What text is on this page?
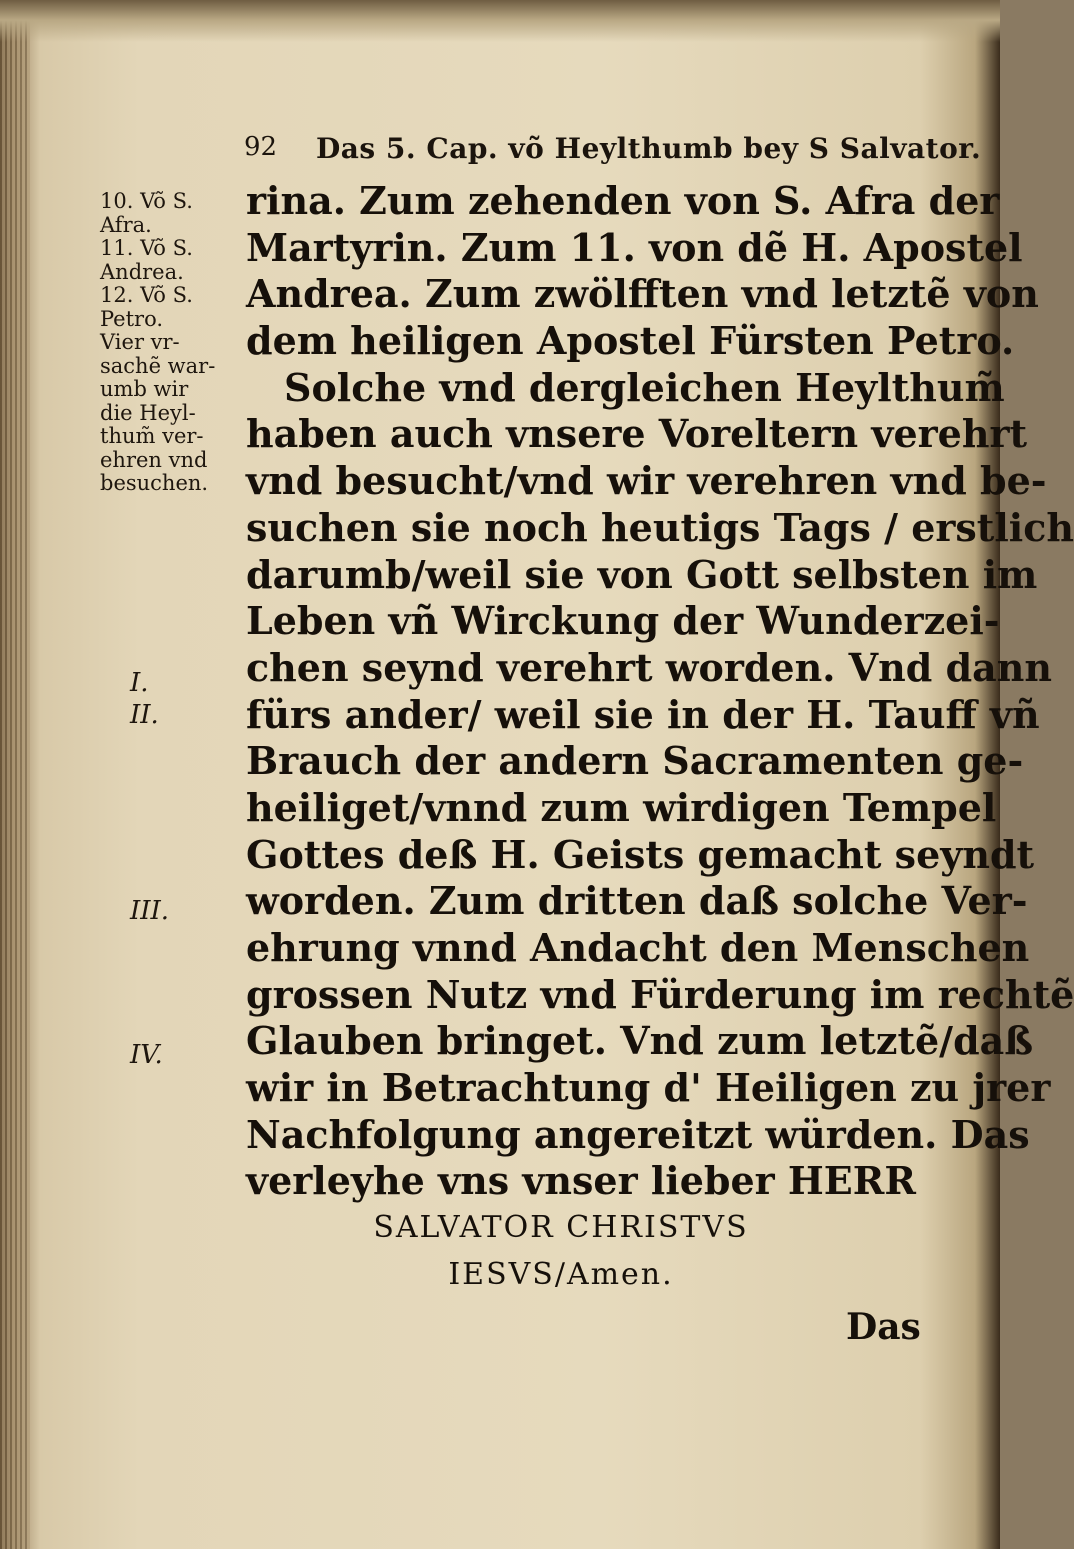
92 Das 5. Cap. võ Heylthumb bey S Salvator.
10. Võ S.
Afra.
11. Võ S.
Andrea.
12. Võ S.
Petro.
Vier vr-
sachẽ war-
umb wir
die Heyl-
thum̃ ver-
ehren vnd
besuchen.
I.
II.
III.
IV.
rina. Zum zehenden von S. Afra der
Martyrin. Zum 11. von dẽ H. Apostel
Andrea. Zum zwölfften vnd letztẽ von
dem heiligen Apostel Fürsten Petro.
Solche vnd dergleichen Heylthum̃
haben auch vnsere Voreltern verehrt
vnd besucht/vnd wir verehren vnd be-
suchen sie noch heutigs Tags / erstlich
darumb/weil sie von Gott selbsten im
Leben vñ Wirckung der Wunderzei-
chen seynd verehrt worden. Vnd dann
fürs ander/ weil sie in der H. Tauff vñ
Brauch der andern Sacramenten ge-
heiliget/vnnd zum wirdigen Tempel
Gottes deß H. Geists gemacht seyndt
worden. Zum dritten daß solche Ver-
ehrung vnnd Andacht den Menschen
grossen Nutz vnd Fürderung im rechtẽ
Glauben bringet. Vnd zum letztẽ/daß
wir in Betrachtung d' Heiligen zu jrer
Nachfolgung angereitzt würden. Das
verleyhe vns vnser lieber HERR
SALVATOR CHRISTVS
IESVS/Amen.
Das
